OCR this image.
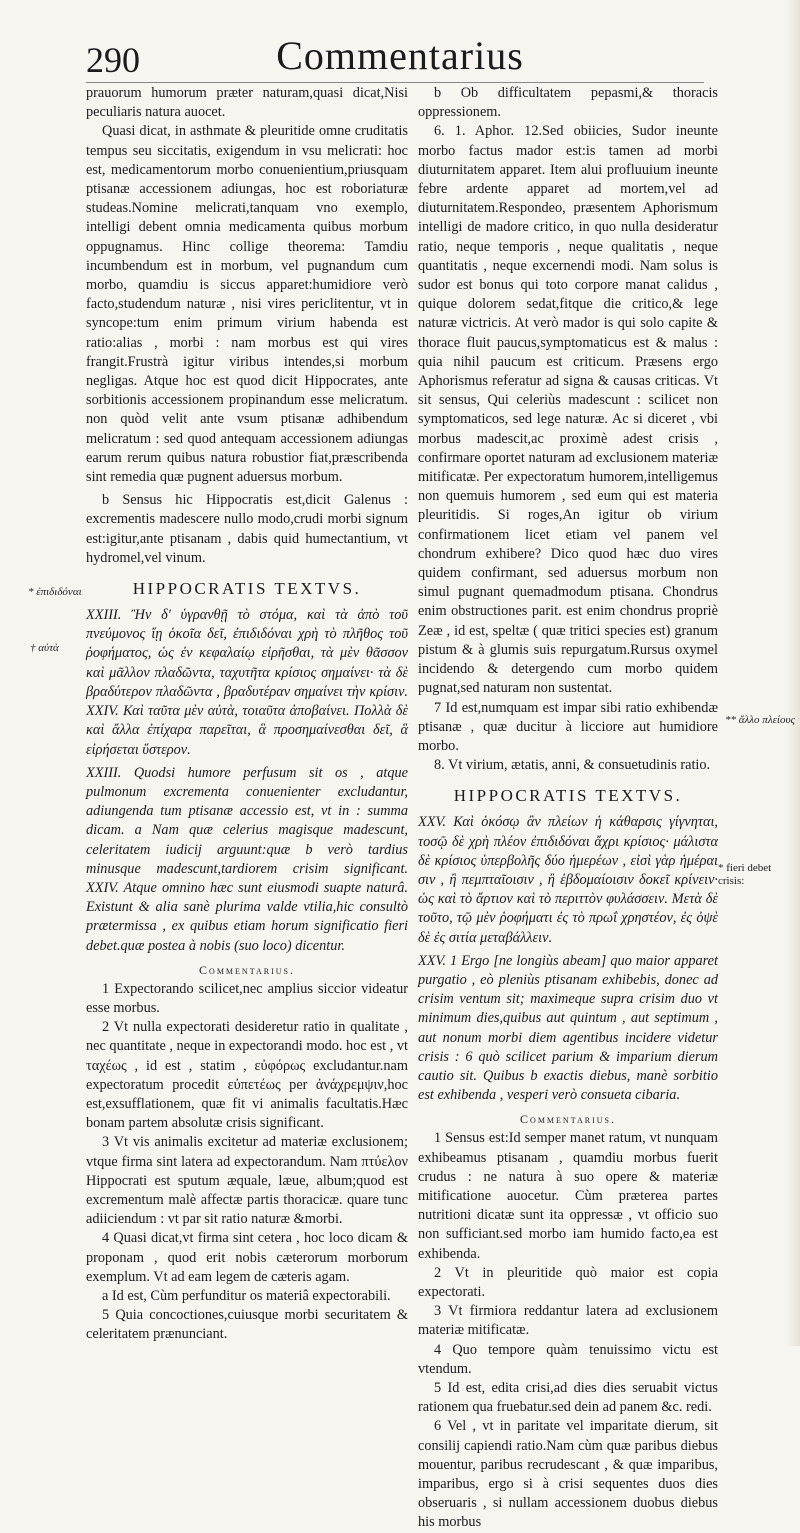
290	Commentarius
* ἐπιδιδόναι
† αὐτὰ
** ἄλλο πλείους
* fieri debet crisis:

prauorum humorum præter naturam,quasi dicat,Nisi peculiaris natura auocet.

Quasi dicat, in asthmate & pleuritide omne cruditatis tempus seu siccitatis, exigendum in vsu melicrati: hoc est, medicamentorum morbo conuenientium,priusquam ptisanæ accessionem adiungas, hoc est roboriaturæ studeas.Nomine melicrati,tanquam vno exemplo, intelligi debent omnia medicamenta quibus morbum oppugnamus. Hinc collige theorema: Tamdiu incumbendum est in morbum, vel pugnandum cum morbo, quamdiu is siccus apparet:humidiore verò facto,studendum naturæ , nisi vires periclitentur, vt in syncope:tum enim primum virium habenda est ratio:alias , morbi : nam morbus est qui vires frangit.Frustrà igitur viribus intendes,si morbum negligas. Atque hoc est quod dicit Hippocrates, ante sorbitionis accessionem propinandum esse melicratum. non quòd velit ante vsum ptisanæ adhibendum melicratum : sed quod antequam accessionem adiungas earum rerum quibus natura robustior fiat,præscribenda sint remedia quæ pugnent aduersus morbum.

b Sensus hic Hippocratis est,dicit Galenus : excrementis madescere nullo modo,crudi morbi signum est:igitur,ante ptisanam , dabis quid humectantium, vt hydromel,vel vinum.

HIPPOCRATIS TEXTVS.

XXIII. Ἢν δ' ὑγρανθῇ τὸ στόμα, καὶ τὰ ἀπὸ τοῦ πνεύμονος ἴῃ ὁκοῖα δεῖ, ἐπιδιδόναι χρὴ τὸ πλῆθος τοῦ ῥοφήματος, ὡς ἐν κεφαλαίῳ εἰρῆσθαι, τὰ μὲν θᾶσσον καὶ μᾶλλον πλαδῶντα, ταχυτῆτα κρίσιος σημαίνει· τὰ δὲ βραδύτερον πλαδῶντα , βραδυτέραν σημαίνει τὴν κρίσιν. XXIV. Καὶ ταῦτα μὲν αὐτὰ, τοιαῦτα ἀποβαίνει. Πολλὰ δὲ καὶ ἄλλα ἐπίχαρα παρεῖται, ἃ προσημαίνεσθαι δεῖ, ἃ εἰρήσεται ὕστερον.

XXIII. Quodsi humore perfusum sit os , atque pulmonum excrementa conuenienter excludantur, adiungenda tum ptisanæ accessio est, vt in : summa dicam. a Nam quæ celerius magisque madescunt, celeritatem iudicij arguunt:quæ b verò tardius minusque madescunt,tardiorem crisim significant. XXIV. Atque omnino hæc sunt eiusmodi suapte naturâ. Existunt & alia sanè plurima valde vtilia,hic consultò prætermissa , ex quibus etiam horum significatio fieri debet.quæ postea à nobis (suo loco) dicentur.

Commentarius.

1 Expectorando scilicet,nec amplius siccior videatur esse morbus.

2 Vt nulla expectorati desideretur ratio in qualitate , nec quantitate , neque in expectorandi modo. hoc est , vt ταχέως , id est , statim , εὐφόρως excludantur.nam expectoratum procedit εὐπετέως per ἀνάχρεμψιν,hoc est,exsufflationem, quæ fit vi animalis facultatis.Hæc bonam partem absolutæ crisis significant.

3 Vt vis animalis excitetur ad materiæ exclusionem; vtque firma sint latera ad expectorandum. Nam πτύελον Hippocrati est sputum æquale, læue, album;quod est excrementum malè affectæ partis thoracicæ. quare tunc adiiciendum : vt par sit ratio naturæ &morbi.

4 Quasi dicat,vt firma sint cetera , hoc loco dicam & proponam , quod erit nobis cæterorum morborum exemplum. Vt ad eam legem de cæteris agam.

a Id est, Cùm perfunditur os materiâ expectorabili.

5 Quia concoctiones,cuiusque morbi securitatem & celeritatem prænunciant.

b Ob difficultatem pepasmi,& thoracis oppressionem.

6. 1. Aphor. 12.Sed obiicies, Sudor ineunte morbo factus mador est:is tamen ad morbi diuturnitatem apparet. Item alui profluuium ineunte febre ardente apparet ad mortem,vel ad diuturnitatem.Respondeo, præsentem Aphorismum intelligi de madore critico, in quo nulla desideratur ratio, neque temporis , neque qualitatis , neque quantitatis , neque excernendi modi. Nam solus is sudor est bonus qui toto corpore manat calidus , quique dolorem sedat,fitque die critico,& lege naturæ victricis. At verò mador is qui solo capite & thorace fluit paucus,symptomaticus est & malus : quia nihil paucum est criticum. Præsens ergo Aphorismus referatur ad signa & causas criticas. Vt sit sensus, Qui celeriùs madescunt : scilicet non symptomaticos, sed lege naturæ. Ac si diceret , vbi morbus madescit,ac proximè adest crisis , confirmare oportet naturam ad exclusionem materiæ mitificatæ. Per expectoratum humorem,intelligemus non quemuis humorem , sed eum qui est materia pleuritidis. Si roges,An igitur ob virium confirmationem licet etiam vel panem vel chondrum exhibere? Dico quod hæc duo vires quidem confirmant, sed aduersus morbum non simul pugnant quemadmodum ptisana. Chondrus enim obstructiones parit. est enim chondrus propriè Zeæ , id est, speltæ ( quæ tritici species est) granum pistum & à glumis suis repurgatum.Rursus oxymel incidendo & detergendo cum morbo quidem pugnat,sed naturam non sustentat.

7 Id est,numquam est impar sibi ratio exhibendæ ptisanæ , quæ ducitur à licciore aut humidiore morbo.

8. Vt virium, ætatis, anni, & consuetudinis ratio.

HIPPOCRATIS TEXTVS.

XXV. Καὶ ὁκόσῳ ἂν πλείων ἡ κάθαρσις γίγνηται, τοσῷ δὲ χρὴ πλέον ἐπιδιδόναι ἄχρι κρίσιος· μάλιστα δὲ κρίσιος ὑπερβολῆς δύο ἡμερέων , εἰσὶ γὰρ ἡμέραι σιν , ἢ πεμπταῖοισιν , ἢ ἑβδομαίοισιν δοκεῖ κρίνειν· ὡς καὶ τὸ ἄρτιον καὶ τὸ περιττὸν φυλάσσειν. Μετὰ δὲ τοῦτο, τῷ μὲν ῥοφήματι ἐς τὸ πρωΐ χρηστέον, ἐς ὀψὲ δὲ ἐς σιτία μεταβάλλειν.

XXV. 1 Ergo [ne longiùs abeam] quo maior apparet purgatio , eò pleniùs ptisanam exhibebis, donec ad crisim ventum sit; maximeque supra crisim duo vt minimum dies,quibus aut quintum , aut septimum , aut nonum morbi diem agentibus incidere videtur crisis : 6 quò scilicet parium & imparium dierum cautio sit. Quibus b exactis diebus, manè sorbitio est exhibenda , vesperi verò consueta cibaria.

Commentarius.

1 Sensus est:Id semper manet ratum, vt nunquam exhibeamus ptisanam , quamdiu morbus fuerit crudus : ne natura à suo opere & materiæ mitificatione auocetur. Cùm præterea partes nutritioni dicatæ sunt ita oppressæ , vt officio suo non sufficiant.sed morbo iam humido facto,ea est exhibenda.

2 Vt in pleuritide quò maior est copia expectorati.

3 Vt firmiora reddantur latera ad exclusionem materiæ mitificatæ.

4 Quo tempore quàm tenuissimo victu est vtendum.

5 Id est, edita crisi,ad dies dies seruabit victus rationem qua fruebatur.sed dein ad panem &c. redi.

6 Vel , vt in paritate vel imparitate dierum, sit consilij capiendi ratio.Nam cùm quæ paribus diebus mouentur, paribus recrudescant , & quæ imparibus, imparibus, ergo si à crisi sequentes duos dies obseruaris , si nullam accessionem duobus diebus his morbus
